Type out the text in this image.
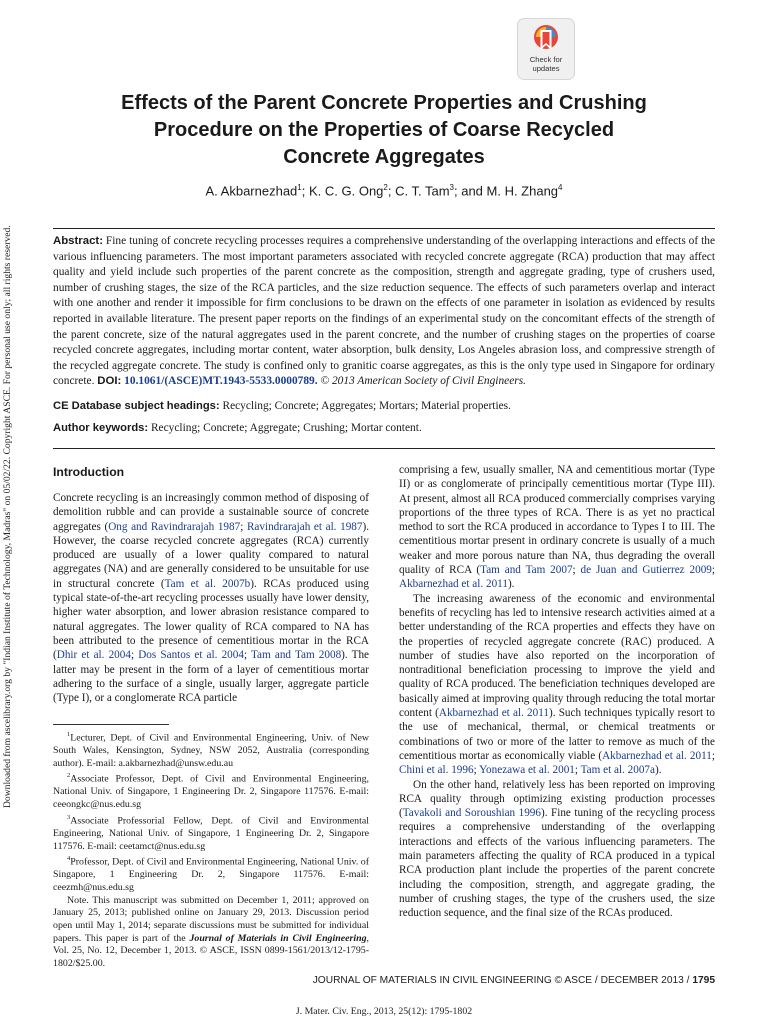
Downloaded from ascelibrary.org by "Indian Institute of Technology, Madras" on 05/02/22. Copyright ASCE. For personal use only; all rights reserved.
Check for
updates
Effects of the Parent Concrete Properties and Crushing
Procedure on the Properties of Coarse Recycled
Concrete Aggregates
A. Akbarnezhad$^1$; K. C. G. Ong$^2$; C. T. Tam$^3$; and M. H. Zhang$^4$
Abstract: Fine tuning of concrete recycling processes requires a comprehensive understanding of the overlapping interactions and effects of the various influencing parameters. The most important parameters associated with recycled concrete aggregate (RCA) production that may affect quality and yield include such properties of the parent concrete as the composition, strength and aggregate grading, type of crushers used, number of crushing stages, the size of the RCA particles, and the size reduction sequence. The effects of such parameters overlap and interact with one another and render it impossible for firm conclusions to be drawn on the effects of one parameter in isolation as evidenced by results reported in available literature. The present paper reports on the findings of an experimental study on the concomitant effects of the strength of the parent concrete, size of the natural aggregates used in the parent concrete, and the number of crushing stages on the properties of coarse recycled concrete aggregates, including mortar content, water absorption, bulk density, Los Angeles abrasion loss, and compressive strength of the recycled aggregate concrete. The study is confined only to granitic coarse aggregates, as this is the only type used in Singapore for ordinary concrete. DOI: 10.1061/(ASCE)MT.1943-5533.0000789. © 2013 American Society of Civil Engineers.
CE Database subject headings: Recycling; Concrete; Aggregates; Mortars; Material properties.
Author keywords: Recycling; Concrete; Aggregate; Crushing; Mortar content.
Introduction

Concrete recycling is an increasingly common method of disposing of demolition rubble and can provide a sustainable source of concrete aggregates (Ong and Ravindrarajah 1987; Ravindrarajah et al. 1987). However, the coarse recycled concrete aggregates (RCA) currently produced are usually of a lower quality compared to natural aggregates (NA) and are generally considered to be unsuitable for use in structural concrete (Tam et al. 2007b). RCAs produced using typical state-of-the-art recycling processes usually have lower density, higher water absorption, and lower abrasion resistance compared to natural aggregates. The lower quality of RCA compared to NA has been attributed to the presence of cementitious mortar in the RCA (Dhir et al. 2004; Dos Santos et al. 2004; Tam and Tam 2008). The latter may be present in the form of a layer of cementitious mortar adhering to the surface of a single, usually larger, aggregate particle (Type I), or a conglomerate RCA particle

$^1$Lecturer, Dept. of Civil and Environmental Engineering, Univ. of New South Wales, Kensington, Sydney, NSW 2052, Australia (corresponding author). E-mail: a.akbarnezhad@unsw.edu.au

$^2$Associate Professor, Dept. of Civil and Environmental Engineering, National Univ. of Singapore, 1 Engineering Dr. 2, Singapore 117576. E-mail: ceeongkc@nus.edu.sg

$^3$Associate Professorial Fellow, Dept. of Civil and Environmental Engineering, National Univ. of Singapore, 1 Engineering Dr. 2, Singapore 117576. E-mail: ceetamct@nus.edu.sg

$^4$Professor, Dept. of Civil and Environmental Engineering, National Univ. of Singapore, 1 Engineering Dr. 2, Singapore 117576. E-mail: ceezmh@nus.edu.sg

Note. This manuscript was submitted on December 1, 2011; approved on January 25, 2013; published online on January 29, 2013. Discussion period open until May 1, 2014; separate discussions must be submitted for individual papers. This paper is part of the Journal of Materials in Civil Engineering, Vol. 25, No. 12, December 1, 2013. © ASCE, ISSN 0899-1561/2013/12-1795-1802/$25.00.

comprising a few, usually smaller, NA and cementitious mortar (Type II) or as conglomerate of principally cementitious mortar (Type III). At present, almost all RCA produced commercially comprises varying proportions of the three types of RCA. There is as yet no practical method to sort the RCA produced in accordance to Types I to III. The cementitious mortar present in ordinary concrete is usually of a much weaker and more porous nature than NA, thus degrading the overall quality of RCA (Tam and Tam 2007; de Juan and Gutierrez 2009; Akbarnezhad et al. 2011).

The increasing awareness of the economic and environmental benefits of recycling has led to intensive research activities aimed at a better understanding of the RCA properties and effects they have on the properties of recycled aggregate concrete (RAC) produced. A number of studies have also reported on the incorporation of nontraditional beneficiation processing to improve the yield and quality of RCA produced. The beneficiation techniques developed are basically aimed at improving quality through reducing the total mortar content (Akbarnezhad et al. 2011). Such techniques typically resort to the use of mechanical, thermal, or chemical treatments or combinations of two or more of the latter to remove as much of the cementitious mortar as economically viable (Akbarnezhad et al. 2011; Chini et al. 1996; Yonezawa et al. 2001; Tam et al. 2007a).

On the other hand, relatively less has been reported on improving RCA quality through optimizing existing production processes (Tavakoli and Soroushian 1996). Fine tuning of the recycling process requires a comprehensive understanding of the overlapping interactions and effects of the various influencing parameters. The main parameters affecting the quality of RCA produced in a typical RCA production plant include the properties of the parent concrete including the composition, strength, and aggregate grading, the number of crushing stages, the type of the crushers used, the size reduction sequence, and the final size of the RCAs produced.

JOURNAL OF MATERIALS IN CIVIL ENGINEERING © ASCE / DECEMBER 2013 / 1795
J. Mater. Civ. Eng., 2013, 25(12): 1795-1802
